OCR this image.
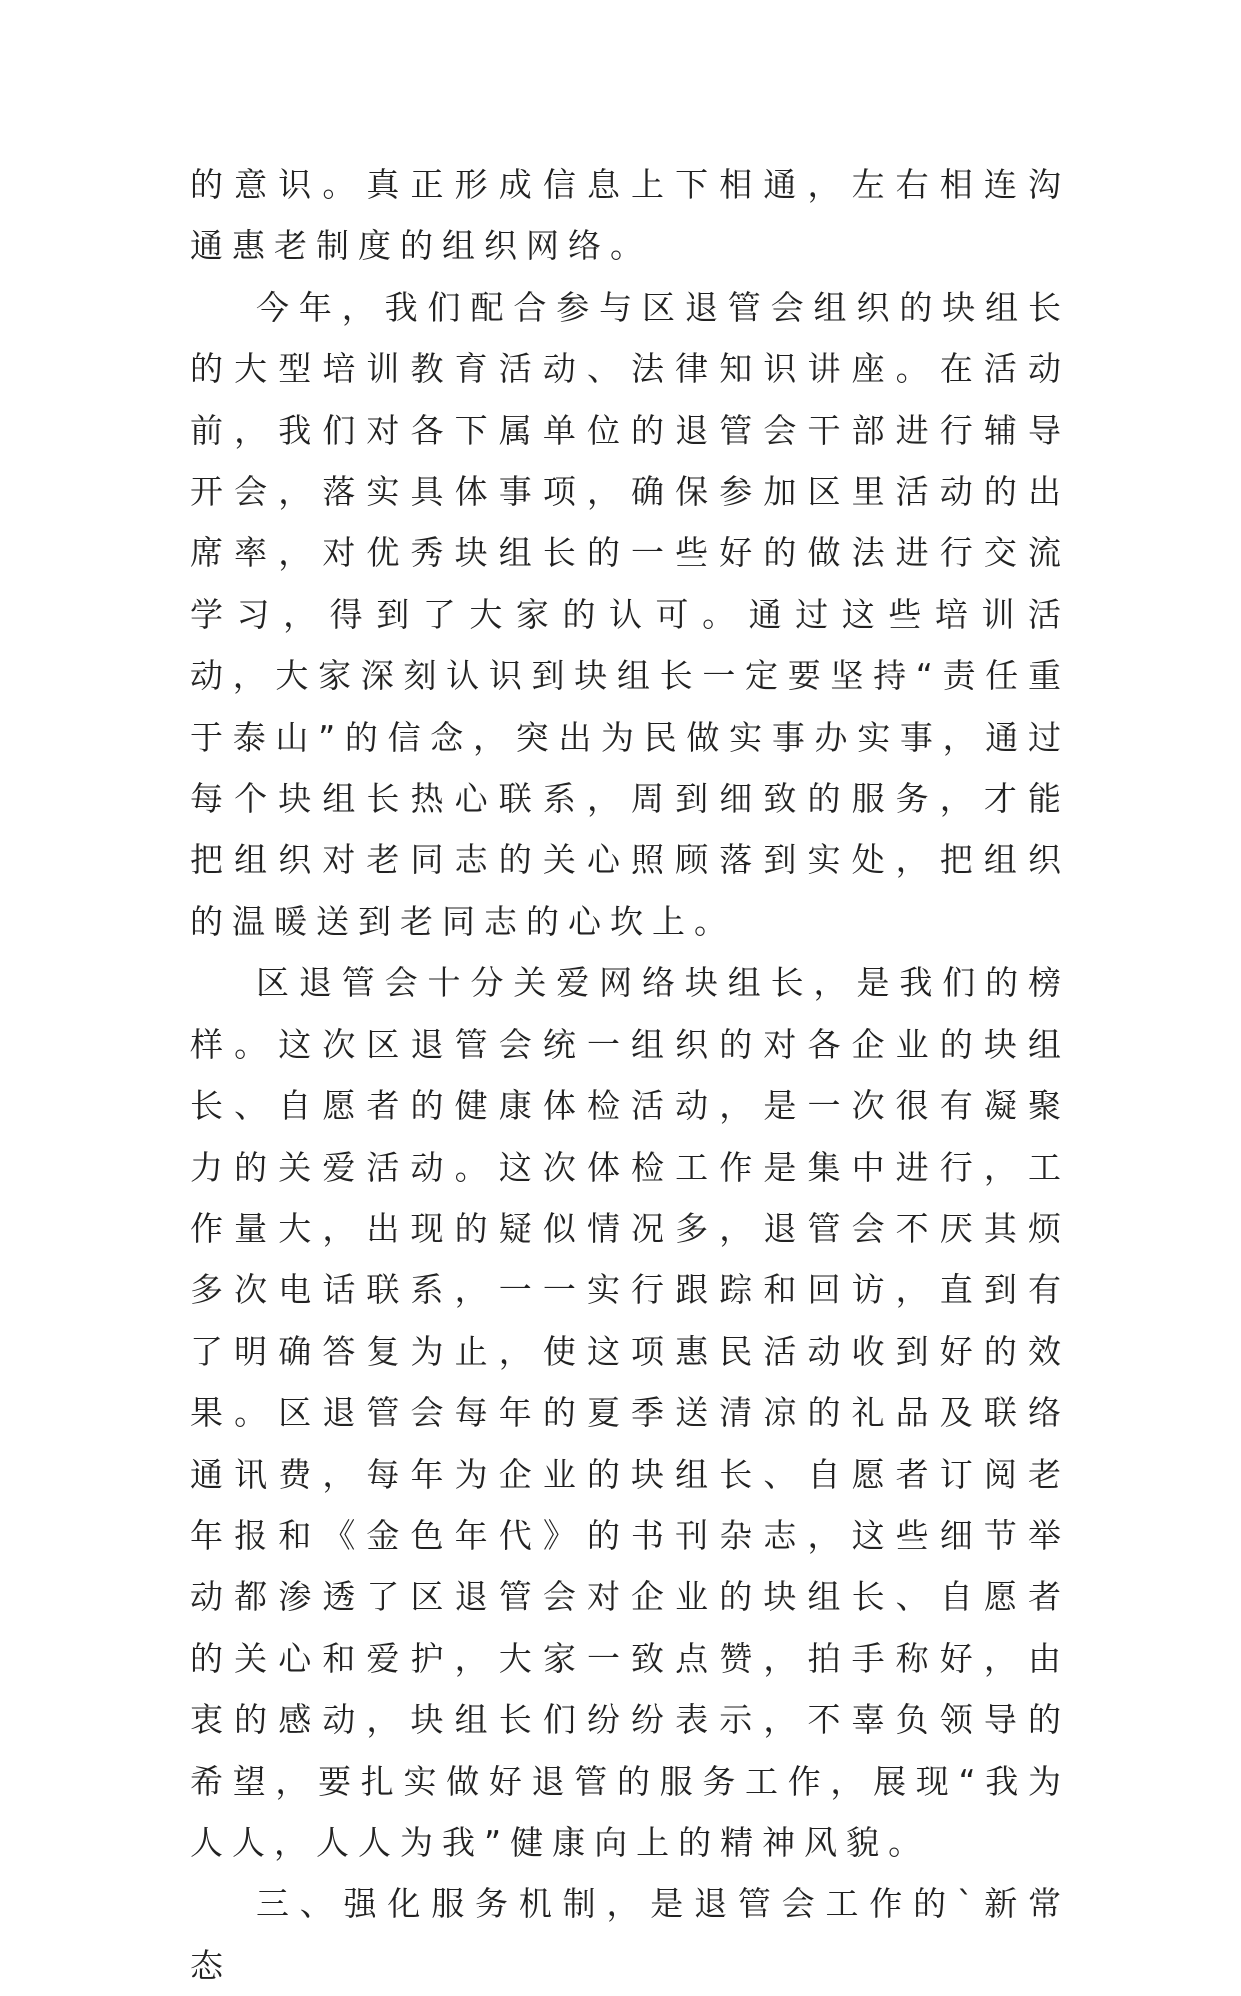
的意识。真正形成信息上下相通，左右相连沟通惠老制度的组织网络。

今年，我们配合参与区退管会组织的块组长的大型培训教育活动、法律知识讲座。在活动前，我们对各下属单位的退管会干部进行辅导开会，落实具体事项，确保参加区里活动的出席率，对优秀块组长的一些好的做法进行交流学习，得到了大家的认可。通过这些培训活动，大家深刻认识到块组长一定要坚持“责任重于泰山”的信念，突出为民做实事办实事，通过每个块组长热心联系，周到细致的服务，才能把组织对老同志的关心照顾落到实处，把组织的温暖送到老同志的心坎上。

区退管会十分关爱网络块组长，是我们的榜样。这次区退管会统一组织的对各企业的块组长、自愿者的健康体检活动，是一次很有凝聚力的关爱活动。这次体检工作是集中进行，工作量大，出现的疑似情况多，退管会不厌其烦多次电话联系，一一实行跟踪和回访，直到有了明确答复为止，使这项惠民活动收到好的效果。区退管会每年的夏季送清凉的礼品及联络通讯费，每年为企业的块组长、自愿者订阅老年报和《金色年代》的书刊杂志，这些细节举动都渗透了区退管会对企业的块组长、自愿者的关心和爱护，大家一致点赞，拍手称好，由衷的感动，块组长们纷纷表示，不辜负领导的希望，要扎实做好退管的服务工作，展现“我为人人，人人为我”健康向上的精神风貌。

三、强化服务机制，是退管会工作的`新常态
